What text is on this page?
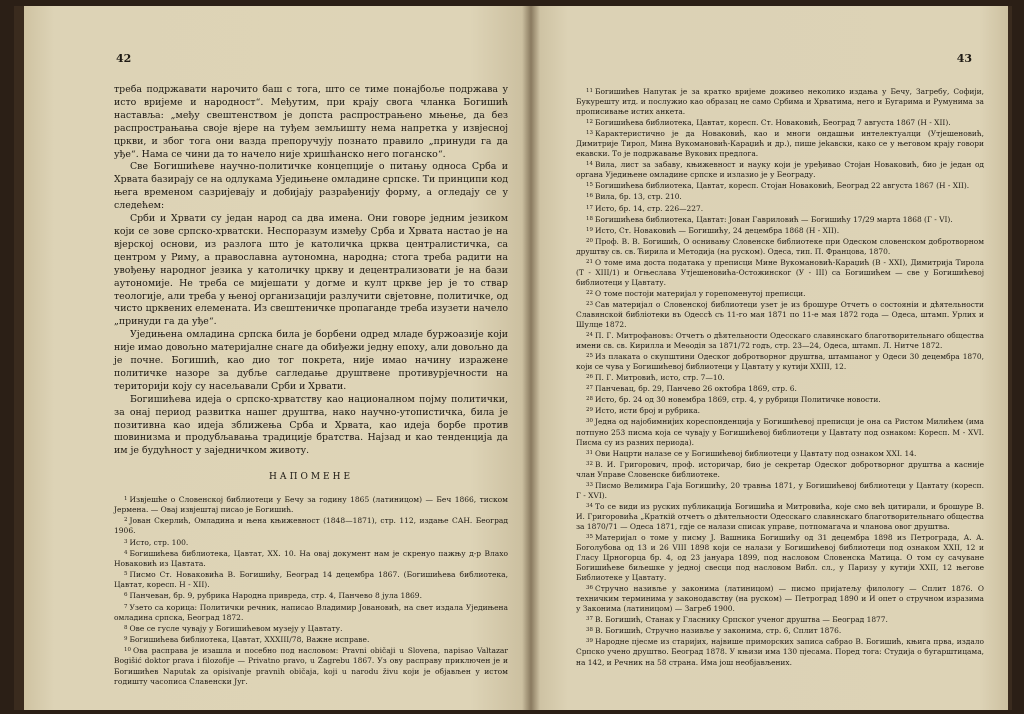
42

трeба подржавати нарочито баш с тога, што се тиме понајбоље подржава у исто вријеме и народност“. Међутим, при крају свога чланка Богишић наставља: „међу свештенством је допста распрострањено мњење, да без распрострањања своје вјере на туђем земљишту нема напретка у извјесној цркви, и због тога они вазда препоручују познато правило „принуди га да уђе“. Нама се чини да то начело није хришћанско него поганско“.

Све Богишићеве научно-политичке концепције о питању односа Срба и Хрвата базирају се на одлукама Уједињене омладине српске. Ти принципи код њега временом сазријевају и добијају разрађенију форму, а огледају се у следећем:

Срби и Хрвати су један народ са два имена. Они говоре једним језиком који се зове српско-хрватски. Неспоразум између Срба и Хрвата настао је на вјерској основи, из разлога што је католичка црква централистичка, са центром у Риму, а православна аутономна, народна; стога треба радити на увођењу народног језика у католичку цркву и децентрализовати је на бази аутономије. Не треба се мијешати у догме и култ цркве јер је то ствар теологије, али треба у њеној организацији разлучити свјетовне, политичке, од чисто црквених елемената. Из свештеничке пропаганде треба изузети начело „принуди га да уђе“.

Уједињена омладина српска била је борбени одред младе буржоазије који није имао довољно материјалне снаге да обиђежи једну епоху, али довољно да је почне. Богишић, као дио тог покрета, није имао начину изражене политичке назоре за дубље сагледање друштвене противурјечности на територији коју су насељавали Срби и Хрвати.

Богишићева идеја о српско-хрватству као националном појму политички, за онај период развитка нашег друштва, нако научно-утопистичка, била је позитивна као идеја зближења Срба и Хрвата, као идеја борбе против шовинизма и продубљавања традиције братства. Најзад и као тенденција да им је будућност у заједничком животу.

НАПОМЕНЕ

$^1$ Извјешће о Словенској библиотеци у Бечу за годину 1865 (латиницом) — Беч 1866, тиском Јермена. — Овај извјештај писао је Богишић.

$^2$ Јован Скерлић, Омладина и њена књижевност (1848—1871), стр. 112, издање САН. Београд 1906.

$^3$ Исто, стр. 100.

$^4$ Богишићева библиотека, Цавтат, XX. 10. На овај документ нам је скренуо пажњу д-р Влахо Новаковић из Цавтата.

$^5$ Писмо Ст. Новаковића В. Богишићу, Београд 14 децембра 1867. (Богишићева библиотека, Цавтат, кореcп. Н - XII).

$^6$ Панчеван, бр. 9, рубрика Народна привреда, стр. 4, Панчево 8 јула 1869.

$^7$ Узето са корица: Политички речник, написао Владимир Јовановић, на свет издала Уједињена омладина српска, Београд 1872.

$^8$ Ове се гусле чувају у Богишићевом музеју у Цавтату.

$^9$ Богишићева библиотека, Цавтат, XXXIII/78, Важне исправе.

$^{10}$ Ова расправа је изашла и посебно под насловом: Pravni običaji u Slovena, napisao Valtazar Bogišić doktor prava i filozofije — Privatno pravo, u Zagrebu 1867. Уз ову расправу приключен је и Богишићев Naputak za opisivanje pravnih običaja, koji u narodu živu који је објављен у истом годишту часописа Славенски Југ.

43

$^{11}$ Богишићев Напутак је за кратко вријеме доживео неколико издања у Бечу, Загребу, Софији, Букурешту итд. и послужио као образац не само Србима и Хрватима, него и Бугарима и Румунима за прописивање истих анкета.

$^{12}$ Богишићева библиотека, Цавтат, кореcп. Ст. Новаковић, Београд 7 августа 1867 (Н - XII).

$^{13}$ Карактеристично је да Новаковић, као и многи ондашњи интелектуалци (Утјешеновић, Димитрије Тирол, Мина Вукомановић-Караџић и др.), пише јеkавски, како се у његовом крају говори екавски. То је подржавање Вукових предлога.

$^{14}$ Вила, лист за забаву, књижевност и науку који је уређивао Стојан Новаковић, био је један од органа Уједињене омладине српске и излазио је у Београду.

$^{15}$ Богишићева библиотека, Цавтат, кореcп. Стојан Новаковић, Београд 22 августа 1867 (Н - XII).

$^{16}$ Вила, бр. 13, стр. 210.

$^{17}$ Исто, бр. 14, стр. 226—227.

$^{18}$ Богишићева библиотека, Цавтат: Јован Гавриловић — Богишићу 17/29 марта 1868 (Г - VI).

$^{19}$ Исто, Ст. Новаковић — Богишићу, 24 децембра 1868 (Н - XII).

$^{20}$ Проф. В. В. Богишић, О оснивању Словенске библиотеке при Одеском словенском добротворном друштву св. св. Ћирила и Методија (на руском). Одеса, тип. П. Францова, 1870.

$^{21}$ О томе има доста података у преписци Мине Вукомановић-Караџић (В - XXI), Димитрија Тирола (Т - XIII/1) и Огњеслава Утјешеновића-Остожинског (У - III) са Богишићем — све у Богишићевој библиотеци у Цавтату.

$^{22}$ О томе постоји материјал у горепоменутој преписци.

$^{23}$ Сав материјал о Словенској библиотеци узет је из брошуре Отчетъ о состояніи и дѣятельности Славянской библіотеки въ Одессѣ съ 11-го мая 1871 по 11-е мая 1872 года — Одеса, штамп. Урлих и Шулце 1872.

$^{24}$ П. Г. Митрофановъ: Отчетъ о дѣятельности Одесскаго славянскаго благотворительнаго общества имени св. св. Кирилла и Меѳодія за 1871/72 годъ, стр. 23—24, Одеса, штамп. Л. Нитче 1872.

$^{25}$ Из плаката о скупштини Одеског добротворног друштва, штампаног у Одеси 30 децембра 1870, који се чува у Богишићевој библиотеци у Цавтату у кутији XXIII, 12.

$^{26}$ П. Г. Митровић, исто, стр. 7—10.

$^{27}$ Панчевац, бр. 29, Панчево 26 октобра 1869, стр. 6.

$^{28}$ Исто, бр. 24 од 30 новембра 1869, стр. 4, у рубрици Политичке новости.

$^{29}$ Исто, исти број и рубрика.

$^{30}$ Једна од најобимнијих кореспонденција у Богишићевој преписци је она са Ристом Милићем (има потпуно 253 писма која се чувају у Богишићевој библиотеци у Цавтату под ознаком: Коресп. М - XVI. Писма су из разних периода).

$^{31}$ Ови Нацрти налазе се у Богишићевој библиотеци у Цавтату под ознаком XXI. 14.

$^{32}$ В. И. Григорович, проф. историчар, био је секретар Одеског добротворног друштва а касније члан Управе Словенске библиотеке.

$^{33}$ Писмо Велимира Гаја Богишићу, 20 травња 1871, у Богишићевој библиотеци у Цавтату (коресп. Г - XVI).

$^{34}$ То се види из руских публикација Богишића и Митровића, које смо већ цитирали, и брошуре В. И. Григоровића „Краткій отчетъ о дѣятельности Одесскаго славянскаго благотворительнаго общества за 1870/71 — Одеса 1871, гдје се налази списак управе, потпомагача и чланова овог друштва.

$^{35}$ Материјал о томе у писму J. Вашника Богишићу од 31 децембра 1898 из Петрограда, А. А. Боголубова од 13 и 26 VIII 1898 који се налази у Богишићевој библиотеци под ознаком XXII, 12 и Гласу Црногорца бр. 4, од 23 јануара 1899, под насловом Словенска Матица. О том су сачуване Богишићеве биљешке у једној свесци под насловом Вибл. сл., у Паризу у кутији XXII, 12 његове Библиотеке у Цавтату.

$^{36}$ Стручно називље у законима (латиницом) — писмо пријатељу филологу — Сплит 1876. О техничким терминима у законодавству (на руском) — Петроград 1890 и И опет о стручном изразима у Законима (латиницом) — Загреб 1900.

$^{37}$ В. Богишић, Станак у Гласнику Српског ученог друштва — Београд 1877.

$^{38}$ В. Богишић, Стручно називље у законима, стр. 6, Сплит 1876.

$^{39}$ Народне пјесме из старијих, највише приморских записа сабрао В. Богишић, књига прва, издало Српско учено друштво. Београд 1878. У књизи има 130 пјесама. Поред тога: Студија о бугарштицама, на 142, и Речник на 58 страна. Има још необјављених.
